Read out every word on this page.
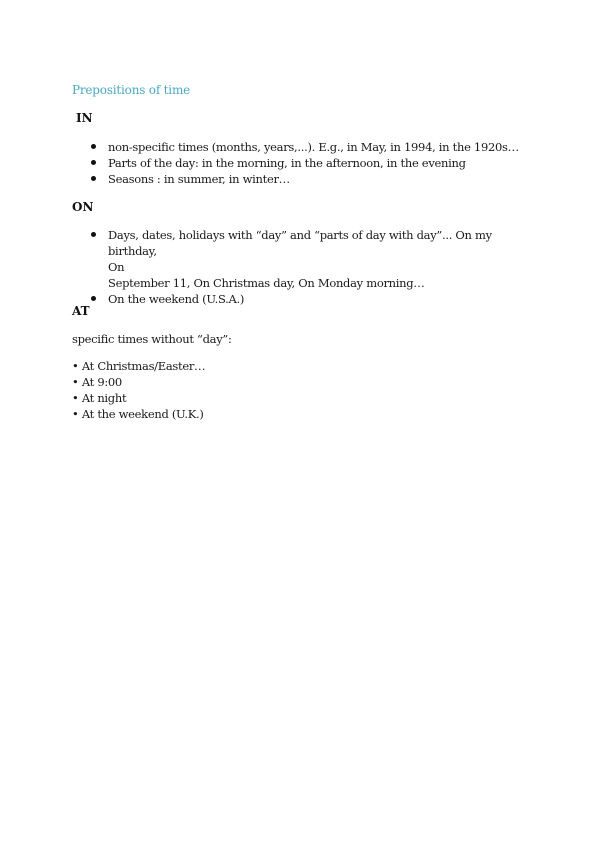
Prepositions of time
IN
non-specific times (months, years,...). E.g., in May, in 1994, in the 1920s…
Parts of the day: in the morning, in the afternoon, in the evening
Seasons : in summer, in winter…
ON
Days, dates, holidays with “day” and “parts of day with day”... On my birthday,
On
September 11, On Christmas day, On Monday morning…
On the weekend (U.S.A.)
AT

specific times without “day”:

• At Christmas/Easter…
• At 9:00
• At night
• At the weekend (U.K.)
